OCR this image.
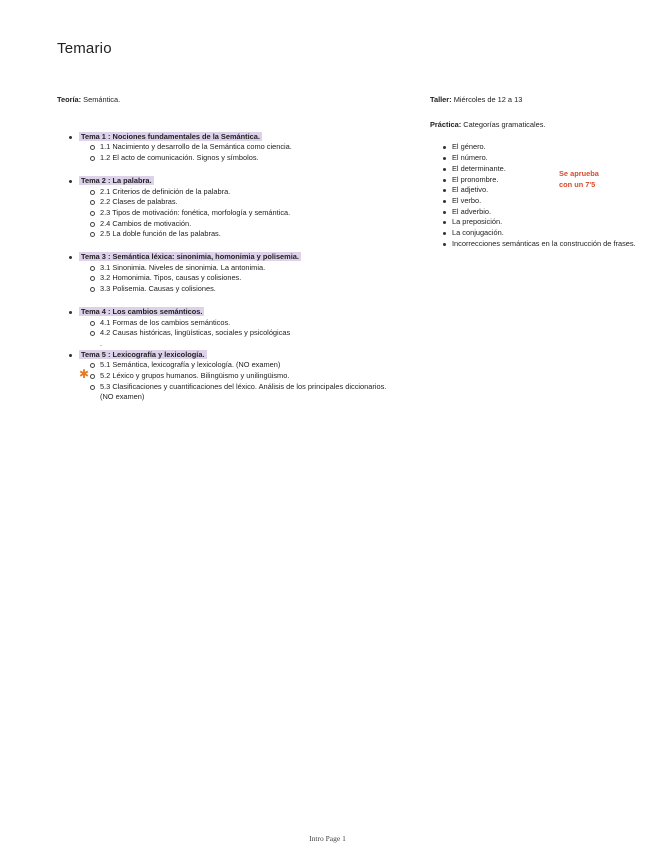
Temario
Teoría: Semántica.
Tema 1 : Nociones fundamentales de la Semántica.
1.1 Nacimiento y desarrollo de la Semántica como ciencia.
1.2 El acto de comunicación. Signos y símbolos.
Tema 2 : La palabra.
2.1 Criterios de definición de la palabra.
2.2 Clases de palabras.
2.3 Tipos de motivación: fonética, morfología y semántica.
2.4 Cambios de motivación.
2.5 La doble función de las palabras.
Tema 3 : Semántica léxica: sinonimia, homonimia y polisemia.
3.1 Sinonimia. Niveles de sinonimia. La antonimia.
3.2 Homonimia. Tipos, causas y colisiones.
3.3 Polisemia. Causas y colisiones.
Tema 4 : Los cambios semánticos.
4.1 Formas de los cambios semánticos.
4.2 Causas históricas, lingüísticas, sociales y psicológicas
.
Tema 5 : Lexicografía y lexicología.
5.1 Semántica, lexicografía y lexicología. (NO examen)
✱ 5.2 Léxico y grupos humanos. Bilingüismo y unilingüismo.
5.3 Clasificaciones y cuantificaciones del léxico. Análisis de los principales diccionarios.
(NO examen)
Taller: Miércoles de 12 a 13
Práctica: Categorías gramaticales.
El género.
El número.
El determinante.
El pronombre.
El adjetivo.
El verbo.
El adverbio.
La preposición.
La conjugación.
Incorrecciones semánticas en la construcción de frases.
Se aprueba
con un 7'5
Intro Page 1
